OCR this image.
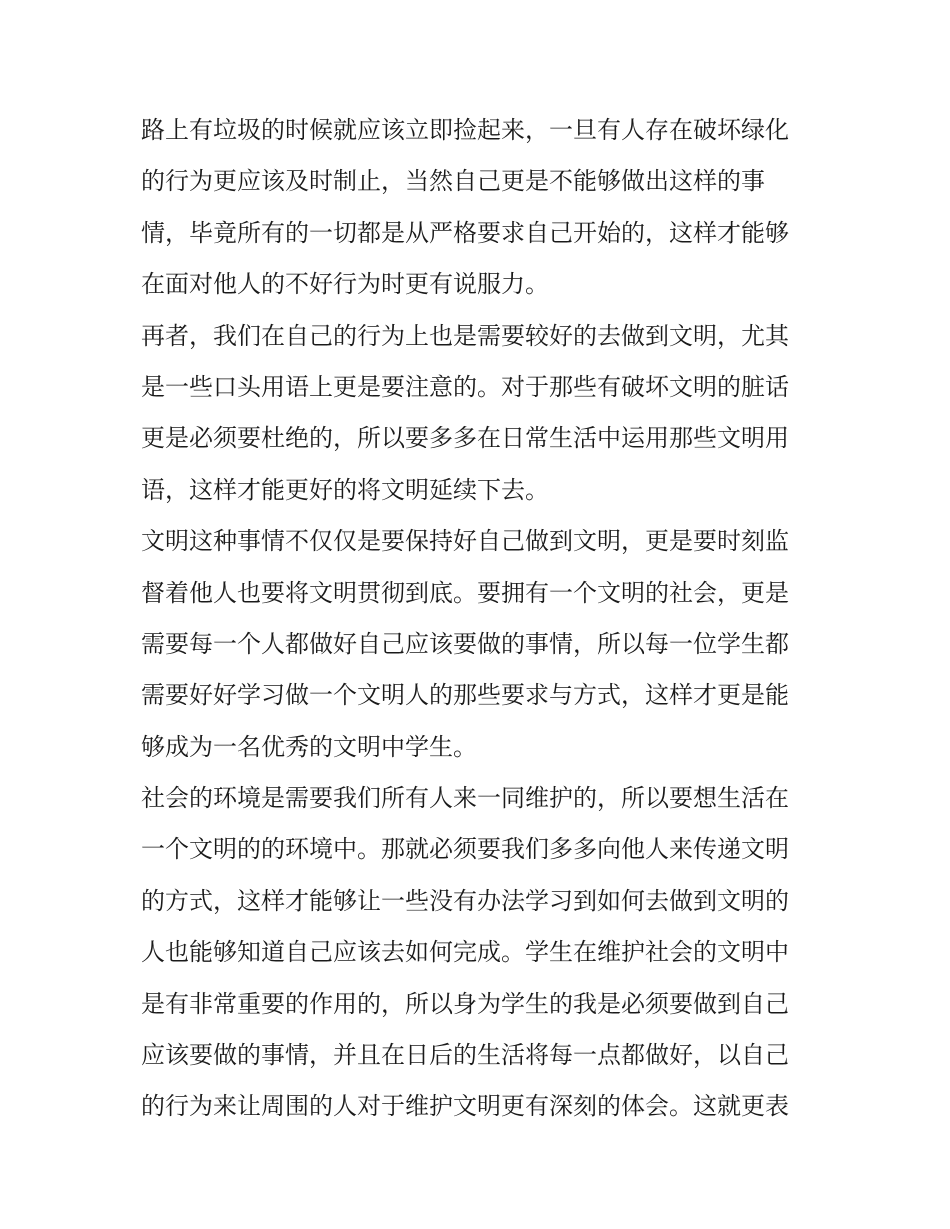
路上有垃圾的时候就应该立即捡起来，一旦有人存在破坏绿化
的行为更应该及时制止，当然自己更是不能够做出这样的事
情，毕竟所有的一切都是从严格要求自己开始的，这样才能够
在面对他人的不好行为时更有说服力。
再者，我们在自己的行为上也是需要较好的去做到文明，尤其
是一些口头用语上更是要注意的。对于那些有破坏文明的脏话
更是必须要杜绝的，所以要多多在日常生活中运用那些文明用
语，这样才能更好的将文明延续下去。
文明这种事情不仅仅是要保持好自己做到文明，更是要时刻监
督着他人也要将文明贯彻到底。要拥有一个文明的社会，更是
需要每一个人都做好自己应该要做的事情，所以每一位学生都
需要好好学习做一个文明人的那些要求与方式，这样才更是能
够成为一名优秀的文明中学生。
社会的环境是需要我们所有人来一同维护的，所以要想生活在
一个文明的的环境中。那就必须要我们多多向他人来传递文明
的方式，这样才能够让一些没有办法学习到如何去做到文明的
人也能够知道自己应该去如何完成。学生在维护社会的文明中
是有非常重要的作用的，所以身为学生的我是必须要做到自己
应该要做的事情，并且在日后的生活将每一点都做好，以自己
的行为来让周围的人对于维护文明更有深刻的体会。这就更表
